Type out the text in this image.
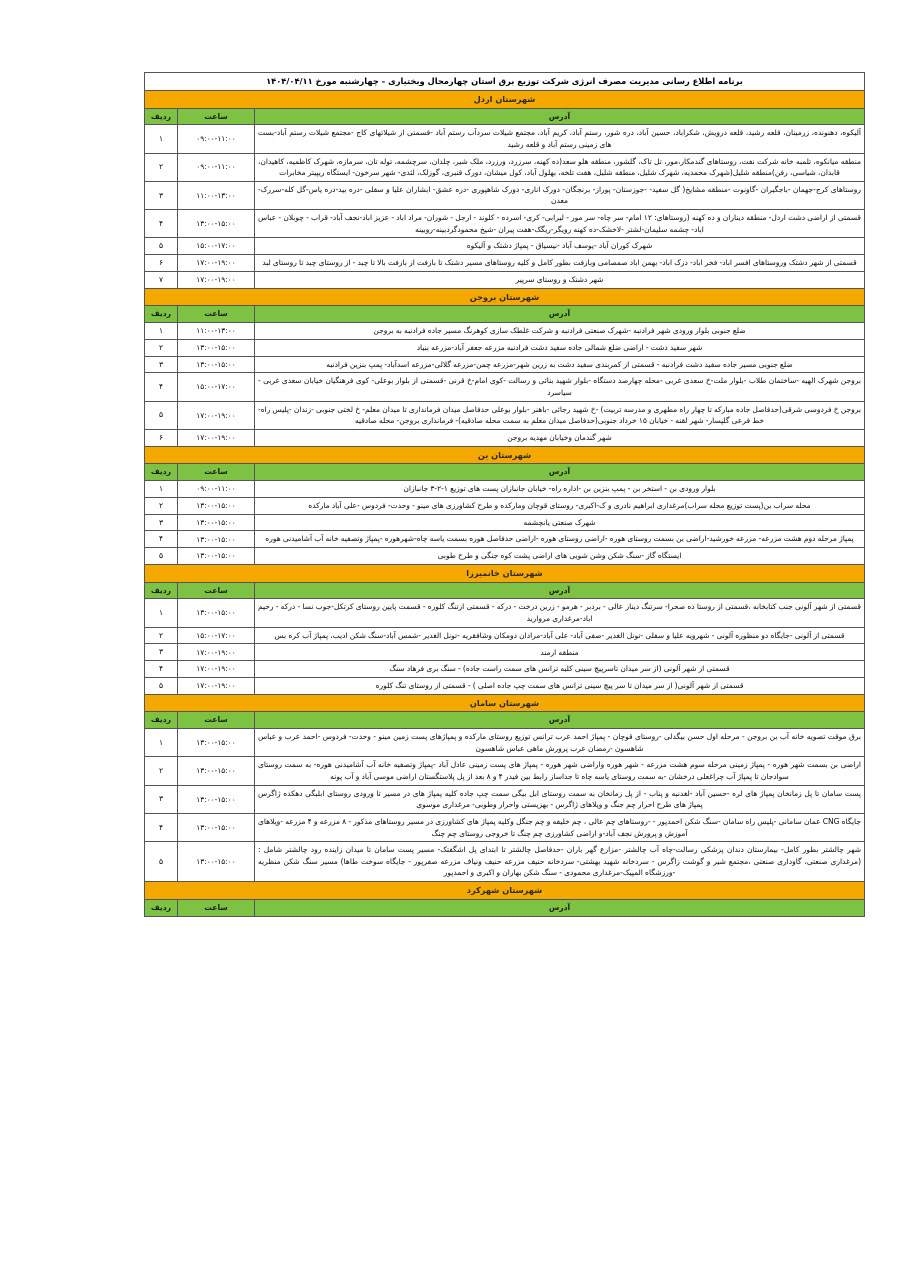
برنامه اطلاع رسانی مدیریت مصرف انرژی شرکت توزیع برق استان چهارمحال وبختیاری - چهارشنبه مورخ ۱۴۰۴/۰۴/۱۱		
شهرستان اردل		
آدرس	ساعت	ردیف
آلیکوه، دهنونده، زرمینان، قلعه رشید، قلعه درویش، شکراباد، حسین آباد، دره شور، رستم آباد، کریم آباد، مجتمع شیلات سردآب رستم آباد -قسمتی از شیلاتهای کاج -مجتمع شیلات رستم آباد-بست های زمینی رستم آباد و قلعه رشید	۰۹:۰۰-۱۱:۰۰	۱
منطقه میانکوه، تلمبه خانه شرکت نفت، روستاهای گندمکار،مور، تل تاک، گلشور، منطقه هلو سعد(ده کهنه، سرزرد، ورزرد، ملک شیر، چلدان، سرچشمه، توله تان، سرمازه، شهرک کاظمیه، کاهیدان، قابدان، شیاسی، رفن)منطقه شلیل(شهرک محمدیه، شهرک شلیل، منطقه شلیل، هفت تلخه، بهلول آباد، کول میشان، دورک قنبری، گوزلک، لئدی- شهر سرخون- ایستگاه ریپیتر مخابرات	۰۹:۰۰-۱۱:۰۰	۲
روستاهای کرج-جهمان -باجگیران -گاونوت -منطقه مشایخ( گل سفید- -جوزستان- پوراز- برنجگان- دورک اناری- دورک شاهپوری -دره عشق- ابشاران علیا و سفلی -دره بید-دره یاس-گل کله-سررک-معدن	۱۱:۰۰-۱۳:۰۰	۳
قسمتی از اراضی دشت اردل- منطقه دیناران و ده کهنه (روستاهای: ۱۲ امام- سر چاه- سر مور - لیرابی- کری- اسرده - کلوند - ارجل - شوران- مراد اباد - عزیز اباد-نجف آباد- قراب - چوبلان - عباس اباد- چشمه سلیمان-لشتر -لاخشک-ده کهنه رویگر-ریگک-هفت پیران -شیخ محمودگردبینه-روبینه	۱۳:۰۰-۱۵:۰۰	۴
شهرک کوران آباد -یوسف آباد -نیسیاق - پمپاژ دشتک و آلیکوه	۱۵:۰۰-۱۷:۰۰	۵
قسمتی از شهر دشتک وروستاهای افسر اباد- فخر اباد- دزک اباد- بهمن اباد صمصامی وبازفت بطور کامل و کلیه روستاهای مسیر دشتک تا بازفت از بازفت بالا تا چبد - از روستای چبد تا روستای لبد	۱۷:۰۰-۱۹:۰۰	۶
شهر دشتک و روستای سرپیر	۱۷:۰۰-۱۹:۰۰	۷
شهرستان بروجن		
آدرس	ساعت	ردیف
ضلع جنوبی بلوار ورودی شهر فرادنبه -شهرک صنعتی فرادنبه و شرکت غلطک سازی کوهرنگ مسیر جاده فرادنبه به بروجن	۱۱:۰۰-۱۳:۰۰	۱
شهر سفید دشت - اراضی ضلع شمالی جاده سفید دشت فرادنبه مزرعه جعفر آباد-مزرعه بنیاد	۱۳:۰۰-۱۵:۰۰	۲
ضلع جنوبی مسیر جاده سفید دشت فرادنبه - قسمتی از کمربندی سفید دشت به زرین شهر-مزرعه چمن-مزرعه گلالی-مزرعه اسدآباد- پمپ بنزین فرادنبه	۱۳:۰۰-۱۵:۰۰	۳
بروجن شهرک الهیه -ساختمان طلاب -بلوار ملت-خ سعدی غربی -محله چهارصد دستگاه -بلوار شهید بنائی و رسالت -کوی امام-خ قرنی -قسمتی از بلوار بوعلی- کوی فرهنگیان خیابان سعدی غربی - سیاسرد	۱۵:۰۰-۱۷:۰۰	۴
بروجن خ فردوسی شرقی(حدفاصل جاده مبارکه تا چهار راه مطهری و مدرسه تربیت) -خ شهید رجائی -باهنر -بلوار بوعلی حدفاصل میدان فرمانداری تا میدان معلم- خ لختی جنوبی -زندان -پلیس راه-خط فرعی گلپسار- شهر لقنه - خیابان ۱۵ خرداد جنوبی(حدفاصل میدان معلم به سمت محله صادقیه)- فرمانداری بروجن- محله صادقیه	۱۷:۰۰-۱۹:۰۰	۵
شهر گندمان وخیابان مهدیه بروجن	۱۷:۰۰-۱۹:۰۰	۶
شهرستان بن		
آدرس	ساعت	ردیف
بلوار ورودی بن - استخر بن - پمپ بنزین بن -اداره راه- خیابان جانبازان پست های توزیع ۱-۲-۳ جانبازان	۰۹:۰۰-۱۱:۰۰	۱
محله سراب بن(پست توزیع محله سراب)مرغداری ابراهیم نادری و ک-اکبری- روستای قوچان ومارکده و طرح کشاورزی های مینو - وحدت- فردوس -علی آباد مارکده	۱۳:۰۰-۱۵:۰۰	۲
شهرک صنعتی یانچشمه	۱۳:۰۰-۱۵:۰۰	۳
پمپاژ مرحله دوم هشت مزرعه- مزرعه خورشید-اراضی بن بسمت روستای هوره -اراضی روستای هوره -اراضی حدفاصل هوره بسمت یاسه چاه-شهرهوره -پمپاژ وتصفیه خانه آب آشامیدنی هوره	۱۳:۰۰-۱۵:۰۰	۴
ایستگاه گاز -سنگ شکن وشن شویی های اراضی پشت کوه جنگی و طرح طوبی	۱۳:۰۰-۱۵:۰۰	۵
شهرستان خانمیرزا		
آدرس	ساعت	ردیف
قسمتی از شهر آلونی جنب کتابخانه ،قسمتی از روستا ده صحرا- سرتنگ دینار عالی - بردبر - هرمو - زرین درخت - درکه - قسمتی ازتنگ کلوره - قسمت پایین روستای کرتکل-جوب نسا - درکه - رحیم اباد-مرغداری مروارید	۱۳:۰۰-۱۵:۰۰	۱
قسمتی از آلونی -جایگاه دو منظوره آلونی - شهرویه علیا و سفلی -تونل الغدیر -صفی آباد- علی آباد-مرادان دومکان وشافقریه -تونل الغدیر -شمس آباد-سنگ شکن ادیب، پمپاژ آب کره بس	۱۵:۰۰-۱۷:۰۰	۲
منطقه ارمند	۱۷:۰۰-۱۹:۰۰	۳
قسمتی از شهر آلونی (از سر میدان تاسرپیچ سینی کلیه ترانس های سمت راست جاده) - سنگ بری فرهاد سنگ	۱۷:۰۰-۱۹:۰۰	۴
قسمتی از شهر آلونی( از سر میدان تا سر پیچ سینی ترانس های سمت چپ جاده اصلی ) - قسمتی از روستای تنگ کلوره	۱۷:۰۰-۱۹:۰۰	۵
شهرستان سامان		
آدرس	ساعت	ردیف
برق موقت تصویه خانه آب بن بروجن - مرحله اول حسن بیگدلی -روستای قوچان - پمپاژ احمد عرب ترانس توزیع روستای مارکده و پمپاژهای پست زمین مینو - وحدت- فردوس -احمد عرب و عباس شاهسون -رمضان عرب پرورش ماهی عباس شاهسون	۱۳:۰۰-۱۵:۰۰	۱
اراضی بن بسمت شهر هوره - پمپاژ زمینی مرحله سوم هشت مزرعه - شهر هوره واراضی شهر هوره - پمپاژ های پست زمینی عادل آباد -پمپاژ وتصفیه خانه آب آشامیدنی هوره- به سمت روستای سوادجان تا پمپاژ آب چراغعلی درخشان -به سمت روستای یاسه چاه تا جداساز رابط بین فیدر ۴ و ۸ بعد از پل پلاستگستان اراضی موسی آباد و آب پونه	۱۳:۰۰-۱۵:۰۰	۲
پست سامان تا پل زمانخان پمپاژ های لره -حسین آباد -لغدنبه و پناب - از پل زمانخان به سمت روستای ابل بیگی سمت چپ جاده کلیه پمپاژ های در مسیر تا ورودی روستای ابلبگی دهکده ژاگرس پمپاژ های طرح احرار چم جنگ و ویلاهای ژاگرس - بهزیستی واحرار وطوبی- مرغداری موسوی	۱۳:۰۰-۱۵:۰۰	۳
جایگاه CNG عمان سامانی -پلیس راه سامان -سنگ شکن احمدپور - -روستاهای چم عالی ، چم خلیفه و چم جنگل وکلیه پمپاژ های کشاورزی در مسیر روستاهای مذکور - ۸ مزرعه و ۴ مزرعه -ویلاهای آموزش و پرورش نجف آباد-و اراضی کشاورزی چم چنگ تا خروجی روستای چم چنگ	۱۳:۰۰-۱۵:۰۰	۴
شهر چالشتر بطور کامل- بیمارستان دندان پزشکی رسالت-چاه آب چالشتر -مزارع گهر باران -حدفاصل چالشتر تا ابتدای پل اشگفتک- مسیر پست سامان تا میدان زاینده رود چالشتر شامل :(مرغداری صنعتی، گاوداری صنعتی ،مجتمع شیر و گوشت زاگرس - سردخانه شهید بهشتی- سردخانه حنیف مزرعه حنیف ونیاف مزرعه صفرپور - جایگاه سوخت طاها) مسیر سنگ شکن منظریه -ورزشگاه المپیک-مرغداری محمودی - سنگ شکن بهاران و اکبری و احمدپور	۱۳:۰۰-۱۵:۰۰	۵
شهرستان شهرکرد		
آدرس	ساعت	ردیف
